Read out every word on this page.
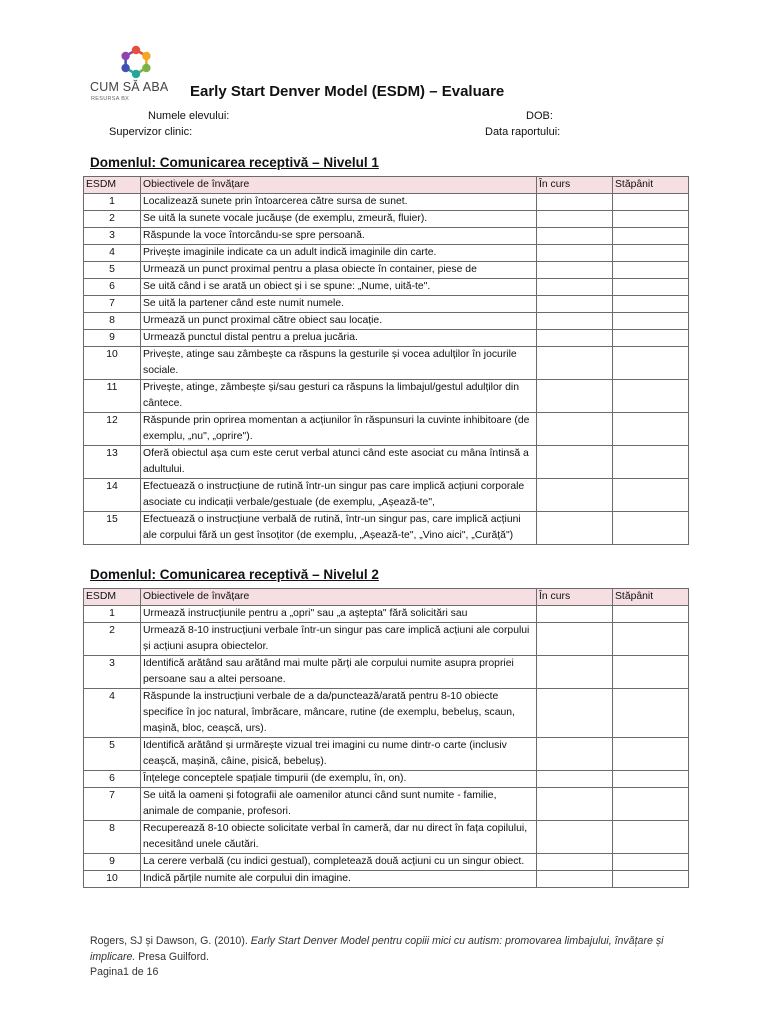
CUM SĂ ABA
RESURSA BX	Early Start Denver Model (ESDM) – Evaluare
Numele elevului:	DOB:
Supervizor clinic:	Data raportului:
Domenlul: Comunicarea receptivă – Nivelul 1
ESDM	Obiectivele de învățare	În curs	Stăpânit
1	Localizează sunete prin întoarcerea către sursa de sunet.		
2	Se uită la sunete vocale jucăușe (de exemplu, zmeură, fluier).		
3	Răspunde la voce întorcându-se spre persoană.		
4	Privește imaginile indicate ca un adult indică imaginile din carte.		
5	Urmează un punct proximal pentru a plasa obiecte în container, piese de		
6	Se uită când i se arată un obiect și i se spune: „Nume, uită-te".		
7	Se uită la partener când este numit numele.		
8	Urmează un punct proximal către obiect sau locație.		
9	Urmează punctul distal pentru a prelua jucăria.		
10	Privește, atinge sau zâmbește ca răspuns la gesturile și vocea adulților în jocurile sociale.		
11	Privește, atinge, zâmbește și/sau gesturi ca răspuns la limbajul/gestul adulților din cântece.		
12	Răspunde prin oprirea momentan a acțiunilor în răspunsuri la cuvinte inhibitoare (de exemplu, „nu", „oprire").		
13	Oferă obiectul așa cum este cerut verbal atunci când este asociat cu mâna întinsă a adultului.		
14	Efectuează o instrucțiune de rutină într-un singur pas care implică acțiuni corporale asociate cu indicații verbale/gestuale (de exemplu, „Așează-te",		
15	Efectuează o instrucțiune verbală de rutină, într-un singur pas, care implică acțiuni ale corpului fără un gest însoțitor (de exemplu, „Așează-te", „Vino aici", „Curăță")		
Domenlul: Comunicarea receptivă – Nivelul 2
ESDM	Obiectivele de învățare	În curs	Stăpânit
1	Urmează instrucțiunile pentru a „opri" sau „a aștepta" fără solicitări sau		
2	Urmează 8-10 instrucțiuni verbale într-un singur pas care implică acțiuni ale corpului și acțiuni asupra obiectelor.		
3	Identifică arătând sau arătând mai multe părți ale corpului numite asupra propriei persoane sau a altei persoane.		
4	Răspunde la instrucțiuni verbale de a da/punctează/arată pentru 8-10 obiecte specifice în joc natural, îmbrăcare, mâncare, rutine (de exemplu, bebeluș, scaun, mașină, bloc, ceașcă, urs).		
5	Identifică arătând și urmărește vizual trei imagini cu nume dintr-o carte (inclusiv ceașcă, mașină, câine, pisică, bebeluș).		
6	Înțelege conceptele spațiale timpurii (de exemplu, în, on).		
7	Se uită la oameni și fotografii ale oamenilor atunci când sunt numite - familie, animale de companie, profesori.		
8	Recuperează 8-10 obiecte solicitate verbal în cameră, dar nu direct în fața copilului, necesitând unele căutări.		
9	La cerere verbală (cu indici gestual), completează două acțiuni cu un singur obiect.		
10	Indică părțile numite ale corpului din imagine.		
Rogers, SJ și Dawson, G. (2010). Early Start Denver Model pentru copiii mici cu autism: promovarea limbajului, învățare și implicare. Presa Guilford.
Pagina1 de 16
